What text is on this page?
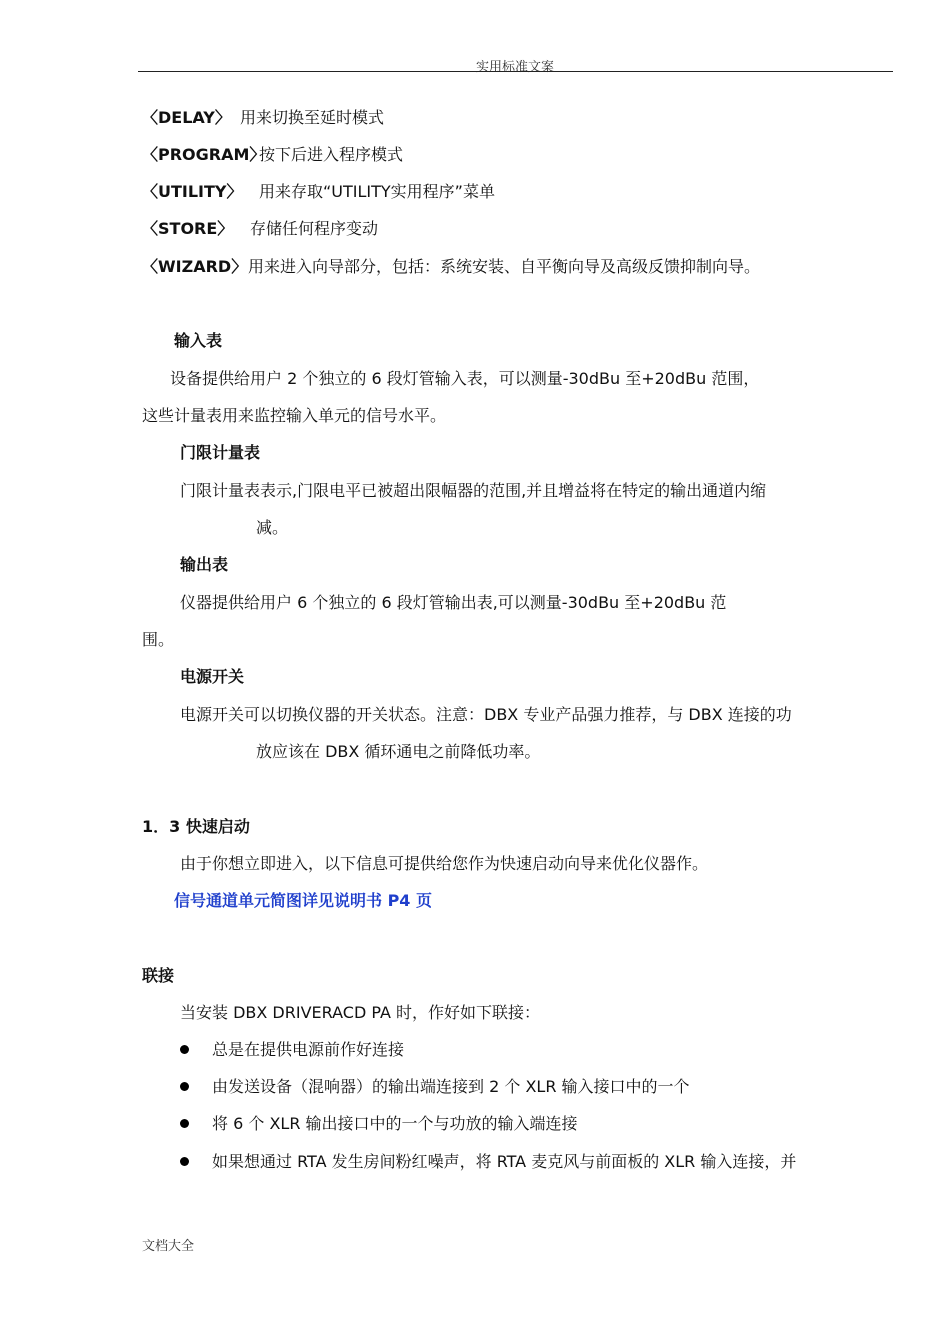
实用标准文案
〈DELAY〉 用来切换至延时模式
〈PROGRAM〉按下后进入程序模式
〈UTILITY〉 用来存取“UTILITY实用程序”菜单
〈STORE〉 存储任何程序变动
〈WIZARD〉用来进入向导部分，包括：系统安装、自平衡向导及高级反馈抑制向导。
输入表
设备提供给用户 2 个独立的 6 段灯管输入表，可以测量-30dBu 至+20dBu 范围，
这些计量表用来监控输入单元的信号水平。
门限计量表
门限计量表表示,门限电平已被超出限幅器的范围,并且增益将在特定的输出通道内缩
减。
输出表
仪器提供给用户 6 个独立的 6 段灯管输出表,可以测量-30dBu 至+20dBu 范
围。
电源开关
电源开关可以切换仪器的开关状态。注意：DBX 专业产品强力推荐，与 DBX 连接的功
放应该在 DBX 循环通电之前降低功率。
1．3 快速启动
由于你想立即进入，以下信息可提供给您作为快速启动向导来优化仪器作。
信号通道单元简图详见说明书 P4 页
联接
当安装 DBX DRIVERACD PA 时，作好如下联接：
总是在提供电源前作好连接
由发送设备（混响器）的输出端连接到 2 个 XLR 输入接口中的一个
将 6 个 XLR 输出接口中的一个与功放的输入端连接
如果想通过 RTA 发生房间粉红噪声，将 RTA 麦克风与前面板的 XLR 输入连接，并
文档大全
